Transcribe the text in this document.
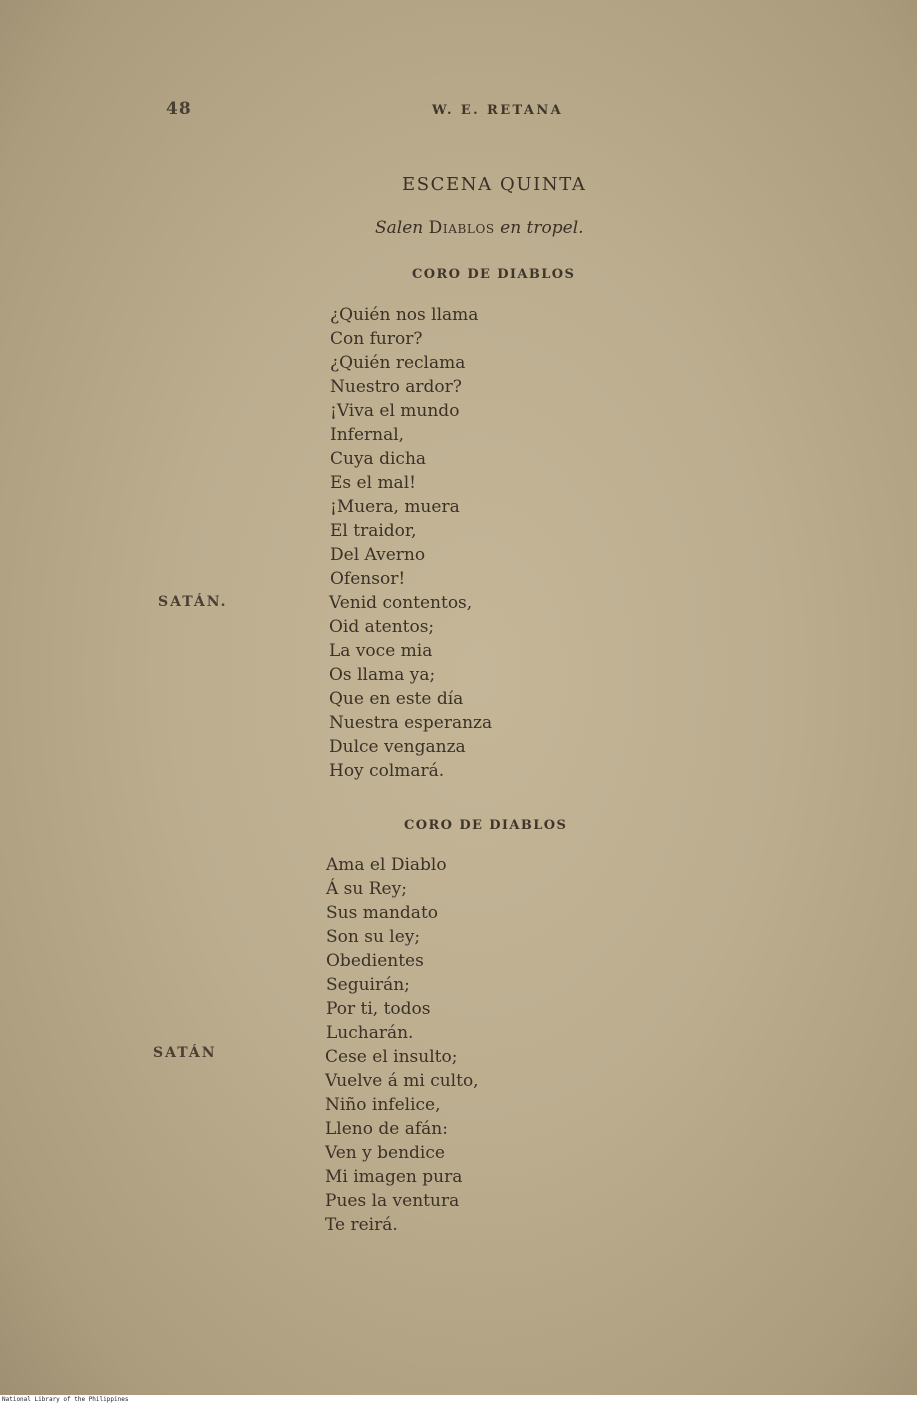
48	W. E. RETANA
ESCENA QUINTA
Salen Diablos en tropel.
CORO DE DIABLOS
¿Quién nos llama
Con furor?
¿Quién reclama
Nuestro ardor?
¡Viva el mundo
Infernal,
Cuya dicha
Es el mal!
¡Muera, muera
El traidor,
Del Averno
Ofensor!
SATÁN.	Venid contentos,
Oid atentos;
La voce mia
Os llama ya;
Que en este día
Nuestra esperanza
Dulce venganza
Hoy colmará.
CORO DE DIABLOS
Ama el Diablo
Á su Rey;
Sus mandato
Son su ley;
Obedientes
Seguirán;
Por ti, todos
Lucharán.
SATÁN	Cese el insulto;
Vuelve á mi culto,
Niño infelice,
Lleno de afán:
Ven y bendice
Mi imagen pura
Pues la ventura
Te reirá.
National Library of the Philippines
